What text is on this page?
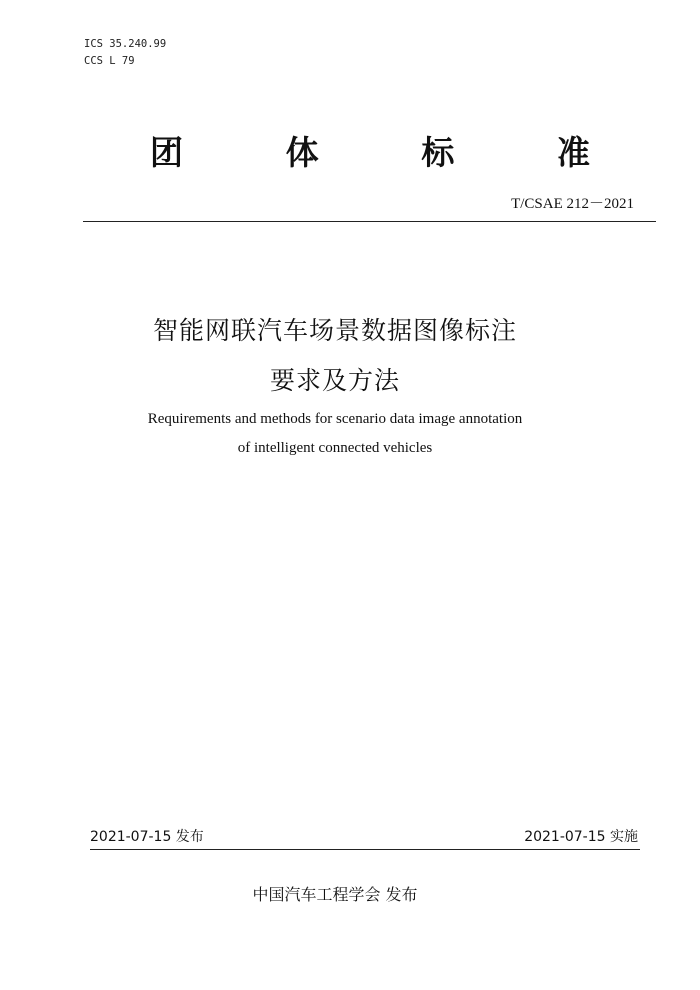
ICS 35.240.99
CCS L 79
团	体	标	准
T/CSAE 212－2021
智能网联汽车场景数据图像标注
要求及方法
Requirements and methods for scenario data image annotation
of intelligent connected vehicles
2021-07-15 发布	2021-07-15 实施
中国汽车工程学会 发布
